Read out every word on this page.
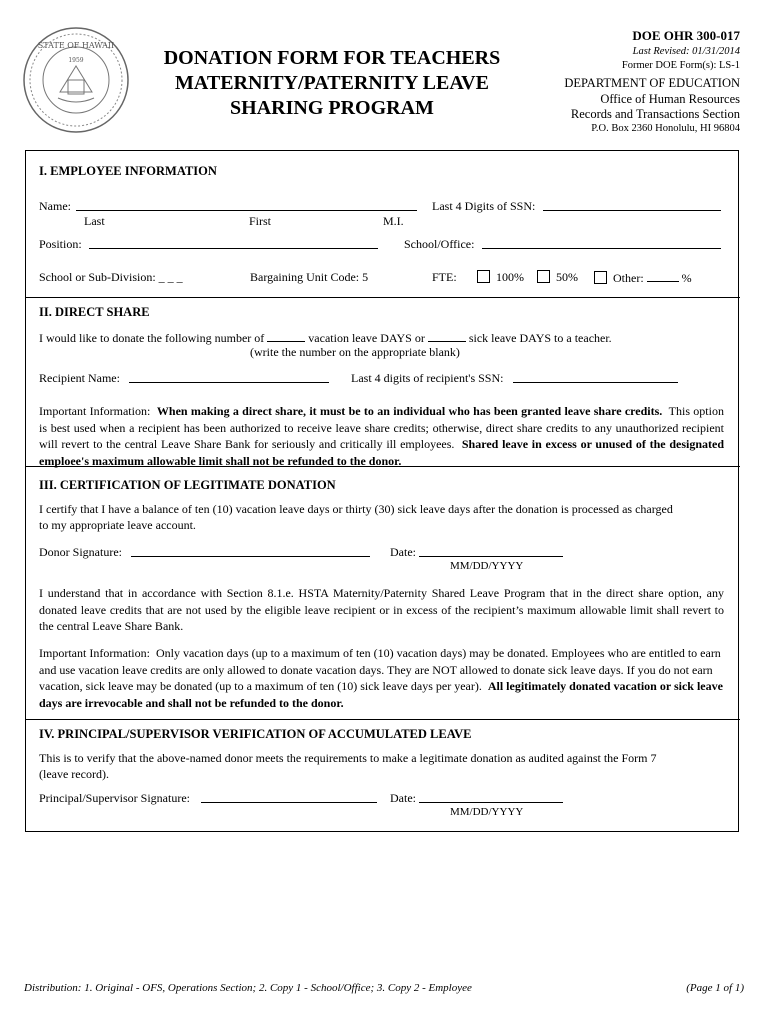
STATE OF HAWAII
1959	DONATION FORM FOR TEACHERS
MATERNITY/PATERNITY LEAVE
SHARING PROGRAM
DOE OHR 300-017
Last Revised: 01/31/2014
Former DOE Form(s): LS-1
DEPARTMENT OF EDUCATION
Office of Human Resources
Records and Transactions Section
P.O. Box 2360 Honolulu, HI 96804
I. EMPLOYEE INFORMATION
Name:
Last	First	M.I.
Last 4 Digits of SSN:
Position:	School/Office:
School or Sub-Division: _ _ _	Bargaining Unit Code: 5	FTE:	100%	50%	Other:	%
II. DIRECT SHARE
I would like to donate the following number of	vacation leave DAYS or	sick leave DAYS to a teacher.
(write the number on the appropriate blank)
Recipient Name:	Last 4 digits of recipient's SSN:
Important Information: When making a direct share, it must be to an individual who has been granted leave share credits. This option is best used when a recipient has been authorized to receive leave share credits; otherwise, direct share credits to any unauthorized recipient will revert to the central Leave Share Bank for seriously and critically ill employees. Shared leave in excess or unused of the designated emploee's maximum allowable limit shall not be refunded to the donor.
III. CERTIFICATION OF LEGITIMATE DONATION
I certify that I have a balance of ten (10) vacation leave days or thirty (30) sick leave days after the donation is processed as charged
to my appropriate leave account.
Donor Signature:	Date:
MM/DD/YYYY
I understand that in accordance with Section 8.1.e. HSTA Maternity/Paternity Shared Leave Program that in the direct share option, any donated leave credits that are not used by the eligible leave recipient or in excess of the recipient’s maximum allowable limit shall revert to the central Leave Share Bank.
Important Information: Only vacation days (up to a maximum of ten (10) vacation days) may be donated. Employees who are entitled to earn and use vacation leave credits are only allowed to donate vacation days. They are NOT allowed to donate sick leave days. If you do not earn vacation, sick leave may be donated (up to a maximum of ten (10) sick leave days per year). All legitimately donated vacation or sick leave days are irrevocable and shall not be refunded to the donor.
IV. PRINCIPAL/SUPERVISOR VERIFICATION OF ACCUMULATED LEAVE
This is to verify that the above-named donor meets the requirements to make a legitimate donation as audited against the Form 7
(leave record).
Principal/Supervisor Signature:	Date:
MM/DD/YYYY
Distribution: 1. Original - OFS, Operations Section; 2. Copy 1 - School/Office; 3. Copy 2 - Employee	(Page 1 of 1)
